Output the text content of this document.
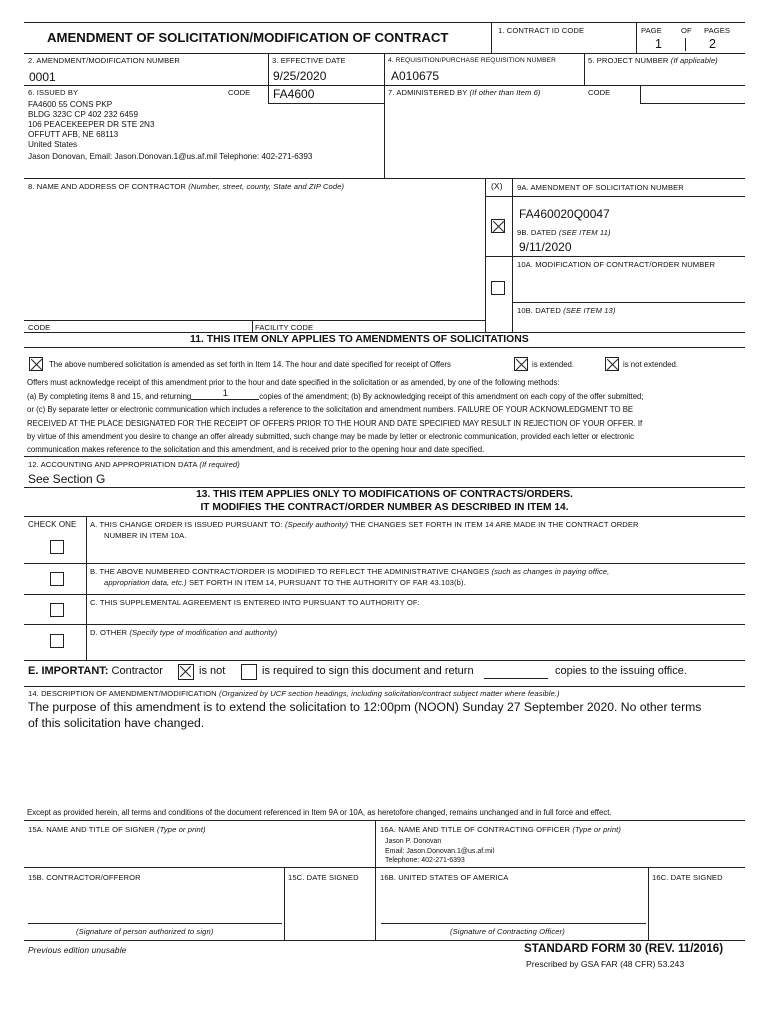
AMENDMENT OF SOLICITATION/MODIFICATION OF CONTRACT	1. CONTRACT ID CODE	PAGE	OF PAGES
1	2
2. AMENDMENT/MODIFICATION NUMBER
0001
3. EFFECTIVE DATE
9/25/2020
4. REQUISITION/PURCHASE REQUISITION NUMBER
A010675
5. PROJECT NUMBER (If applicable)
6. ISSUED BY	CODE FA4600
FA4600 55 CONS PKP
BLDG 323C CP 402 232 6459
106 PEACEKEEPER DR STE 2N3
OFFUTT AFB, NE 68113
United States
Jason Donovan, Email: Jason.Donovan.1@us.af.mil Telephone: 402-271-6393
7. ADMINISTERED BY (If other than Item 6)	CODE
8. NAME AND ADDRESS OF CONTRACTOR (Number, street, county, State and ZIP Code)	(X) 9A. AMENDMENT OF SOLICITATION NUMBER
FA460020Q0047
9B. DATED (SEE ITEM 11)
9/11/2020
10A. MODIFICATION OF CONTRACT/ORDER NUMBER
10B. DATED (SEE ITEM 13)
CODE	FACILITY CODE
11. THIS ITEM ONLY APPLIES TO AMENDMENTS OF SOLICITATIONS
The above numbered solicitation is amended as set forth in Item 14. The hour and date specified for receipt of Offers	is extended.	is not extended.
Offers must acknowledge receipt of this amendment prior to the hour and date specified in the solicitation or as amended, by one of the following methods:
(a) By completing items 8 and 15, and returning	1	copies of the amendment; (b) By acknowledging receipt of this amendment on each copy of the offer submitted;
or (c) By separate letter or electronic communication which includes a reference to the solicitation and amendment numbers. FAILURE OF YOUR ACKNOWLEDGMENT TO BE
RECEIVED AT THE PLACE DESIGNATED FOR THE RECEIPT OF OFFERS PRIOR TO THE HOUR AND DATE SPECIFIED MAY RESULT IN REJECTION OF YOUR OFFER. If
by virtue of this amendment you desire to change an offer already submitted, such change may be made by letter or electronic communication, provided each letter or electronic
communication makes reference to the solicitation and this amendment, and is received prior to the opening hour and date specified.
12. ACCOUNTING AND APPROPRIATION DATA (If required)
See Section G
13. THIS ITEM APPLIES ONLY TO MODIFICATIONS OF CONTRACTS/ORDERS.
IT MODIFIES THE CONTRACT/ORDER NUMBER AS DESCRIBED IN ITEM 14.
CHECK ONE A. THIS CHANGE ORDER IS ISSUED PURSUANT TO: (Specify authority) THE CHANGES SET FORTH IN ITEM 14 ARE MADE IN THE CONTRACT ORDER
NUMBER IN ITEM 10A.
B. THE ABOVE NUMBERED CONTRACT/ORDER IS MODIFIED TO REFLECT THE ADMINISTRATIVE CHANGES (such as changes in paying office,
appropriation data, etc.) SET FORTH IN ITEM 14, PURSUANT TO THE AUTHORITY OF FAR 43.103(b).
C. THIS SUPPLEMENTAL AGREEMENT IS ENTERED INTO PURSUANT TO AUTHORITY OF:
D. OTHER (Specify type of modification and authority)
E. IMPORTANT: Contractor	is not	is required to sign this document and return	copies to the issuing office.
14. DESCRIPTION OF AMENDMENT/MODIFICATION (Organized by UCF section headings, including solicitation/contract subject matter where feasible.)
The purpose of this amendment is to extend the solicitation to 12:00pm (NOON) Sunday 27 September 2020. No other terms
of this solicitation have changed.
Except as provided herein, all terms and conditions of the document referenced in Item 9A or 10A, as heretofore changed, remains unchanged and in full force and effect.
15A. NAME AND TITLE OF SIGNER (Type or print)	16A. NAME AND TITLE OF CONTRACTING OFFICER (Type or print)
Jason P. Donovan
Email: Jason.Donovan.1@us.af.mil
Telephone: 402-271-6393
15B. CONTRACTOR/OFFEROR	15C. DATE SIGNED	16B. UNITED STATES OF AMERICA	16C. DATE SIGNED
(Signature of person authorized to sign)	(Signature of Contracting Officer)
Previous edition unusable	STANDARD FORM 30 (REV. 11/2016)
Prescribed by GSA FAR (48 CFR) 53.243
